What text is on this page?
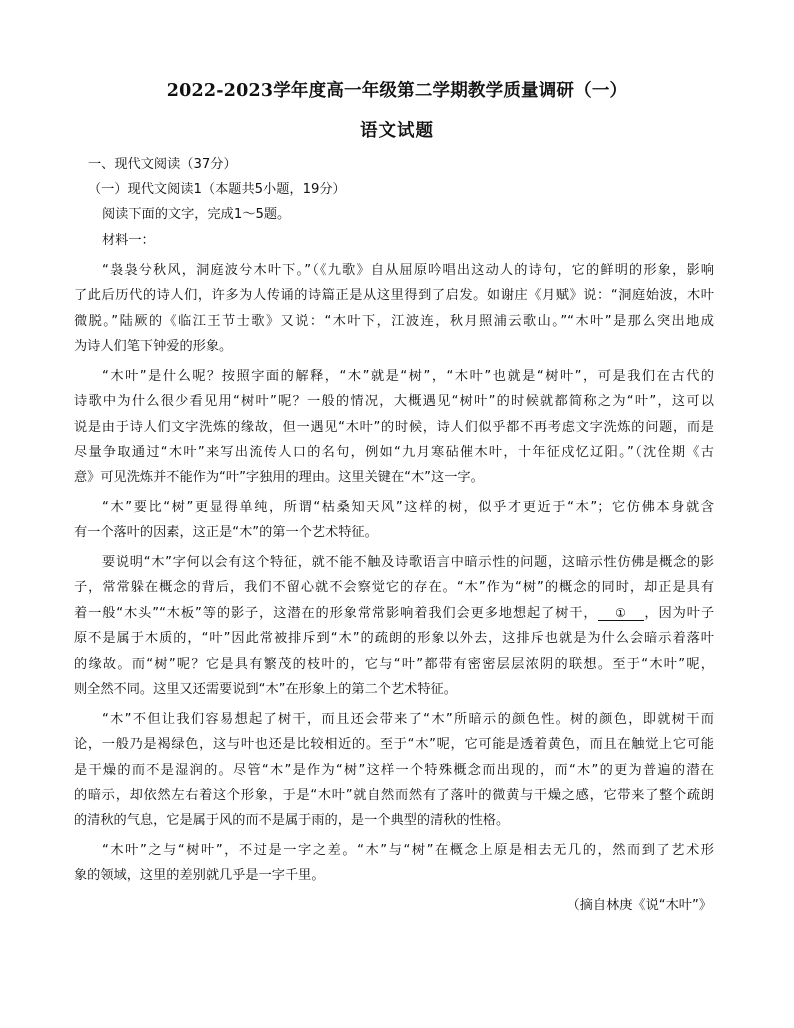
2022-2023学年度高一年级第二学期教学质量调研（一）
语文试题
一、现代文阅读（37分）
（一）现代文阅读1（本题共5小题，19分）
阅读下面的文字，完成1～5题。
材料一：
“袅袅兮秋风，洞庭波兮木叶下。”（《九歌》自从屈原吟唱出这动人的诗句，它的鲜明的形象，影响
了此后历代的诗人们，许多为人传诵的诗篇正是从这里得到了启发。如谢庄《月赋》说：“洞庭始波，木叶
微脱。”陆厥的《临江王节士歌》又说：“木叶下，江波连，秋月照浦云歌山。”“木叶”是那么突出地成
为诗人们笔下钟爱的形象。
“木叶”是什么呢？按照字面的解释，“木”就是“树”，“木叶”也就是“树叶”，可是我们在古代的
诗歌中为什么很少看见用“树叶”呢？一般的情况，大概遇见“树叶”的时候就都简称之为“叶”，这可以
说是由于诗人们文字洗炼的缘故，但一遇见“木叶”的时候，诗人们似乎都不再考虑文字洗炼的问题，而是
尽量争取通过“木叶”来写出流传人口的名句，例如“九月寒砧催木叶，十年征戍忆辽阳。”（沈佺期《古
意》可见洗炼并不能作为“叶”字独用的理由。这里关键在“木”这一字。
“木”要比“树”更显得单纯，所谓“枯桑知天风”这样的树，似乎才更近于“木”；它仿佛本身就含
有一个落叶的因素，这正是“木”的第一个艺术特征。
要说明“木”字何以会有这个特征，就不能不触及诗歌语言中暗示性的问题，这暗示性仿佛是概念的影
子，常常躲在概念的背后，我们不留心就不会察觉它的存在。“木”作为“树”的概念的同时，却正是具有
着一般“木头”“木板”等的影子，这潜在的形象常常影响着我们会更多地想起了树干， ① ，因为叶子
原不是属于木质的，“叶”因此常被排斥到“木”的疏朗的形象以外去，这排斥也就是为什么会暗示着落叶
的缘故。而“树”呢？它是具有繁茂的枝叶的，它与“叶”都带有密密层层浓阴的联想。至于“木叶”呢，
则全然不同。这里又还需要说到“木”在形象上的第二个艺术特征。
“木”不但让我们容易想起了树干，而且还会带来了“木”所暗示的颜色性。树的颜色，即就树干而
论，一般乃是褐绿色，这与叶也还是比较相近的。至于“木”呢，它可能是透着黄色，而且在触觉上它可能
是干燥的而不是湿润的。尽管“木”是作为“树”这样一个特殊概念而出现的，而“木”的更为普遍的潜在
的暗示，却依然左右着这个形象，于是“木叶”就自然而然有了落叶的微黄与干燥之感，它带来了整个疏朗
的清秋的气息，它是属于风的而不是属于雨的，是一个典型的清秋的性格。
“木叶”之与“树叶”，不过是一字之差。“木”与“树”在概念上原是相去无几的，然而到了艺术形
象的领域，这里的差别就几乎是一字千里。
（摘自林庚《说“木叶”》
